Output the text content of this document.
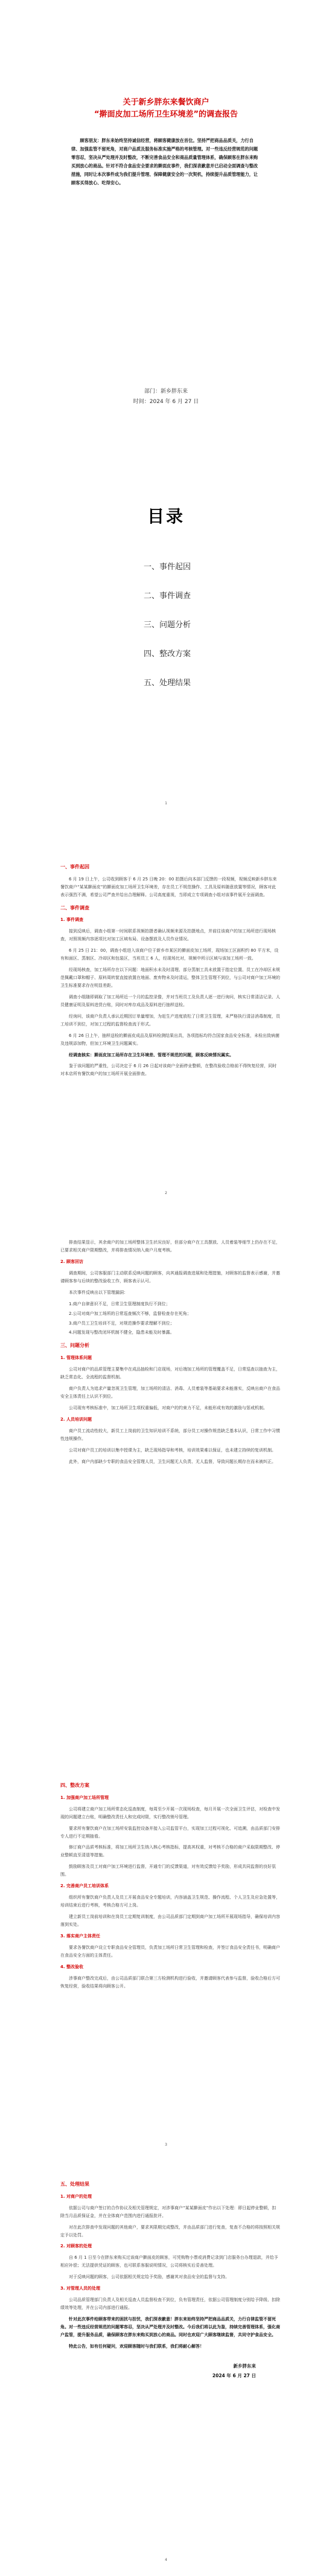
关于新乡胖东来餐饮商户
“擀面皮加工场所卫生环境差”的调查报告

顾客朋友：胖东来始终坚持诚信经营，将顾客健康放在首位。坚持严把商品品质关，力行自律、加强监管不留死角，对商户品质及服务标准实施严格的考核管理。对一些违反经营规范的问题零容忍，坚决从严处理并及时整改，不断完善食品安全和商品质量管理体系，确保顾客在胖东来购买到放心的商品。针对不符合食品安全要求的擀面皮事件，我们深表歉意并已启动全面调查与整改措施，同时让本次事件成为我们提升管理、保障健康安全的一次契机，持续提升品质管理能力，让顾客买得放心、吃得安心。

部门：新乡胖东来
时间：2024 年 6 月 27 日
目录
一、事件起因
二、事件调查
三、问题分析
四、整改方案
五、处理结果
1

一、事件起因

6 月 19 日上午，公司收到顾客于 6 月 25 日晚 20：00 拍摄后向本部门反馈的一段视频，视频反映新乡胖东来餐饮商户“某某擀面皮”的擀面皮加工场所卫生环境差，存在员工不规范操作、工具及原料随意放置等情况，顾客对此表示强烈不满，希望公司严查并给出合理解释。公司高度重视，当即成立专项调查小组对该事件展开全面调查。

二、事件调查

1. 事件调查

接到反映后，调查小组第一时间联系视频拍摄者确认视频来源及拍摄地点，并前往该商户的加工场所进行现场核查，对照视频内容逐项比对加工区域布局、设备摆放及人员作业情况。

6 月 25 日 21：00，调查小组进入该商户位于新乡市某区的擀面皮加工场所，现场加工区面积约 80 平方米，设有和面区、蒸制区、冷却区和包装区，当班员工 6 人，经现场比对，视频中所示区域与该加工场所一致。

经现场核查，加工场所存在以下问题：地面积水未及时清理、部分蒸制工具未放置于指定位置、员工在冷却区未规范佩戴口罩和帽子、原料周转筐直接放置在地面、废弃物未及时清运，整体卫生管理不到位，与公司对商户加工环境的卫生标准要求存在明显差距。

调查小组随即调取了加工场所近一个月的监控录像，并对当班员工及负责人逐一进行询问，核实日常清洁记录、人员健康证明及原料进货台账，同时对库存成品及原料进行抽样送检。

经询问，该商户负责人承认近期因订单量增加，为赶生产进度放松了日常卫生管理，未严格执行清洁消毒制度，员工培训不到位，对加工过程的监督检查流于形式。

6 月 26 日上午，抽样送检的擀面皮成品及原料检测结果出具，各项指标均符合国家食品安全标准，未检出致病菌及违规添加物，但加工环境卫生问题属实。

经调查核实：擀面皮加工场所存在卫生环境差、管理不规范的问题，顾客反映情况属实。

鉴于该问题的严重性，公司决定于 6 月 26 日起对该商户全面停业整顿，在整改验收合格前不得恢复经营，同时对本店所有餐饮商户的加工场所开展全面排查。

2

排查结果显示，其余商户的加工场所整体卫生状况良好，但部分商户在工具摆放、人员着装等细节上仍存在不足，已要求相关商户限期整改，并将排查情况纳入商户月度考核。

2. 顾客回访

调查期间，公司客服部门主动联系反映问题的顾客，向其通报调查进展和处理措施，对顾客的监督表示感谢，并邀请顾客参与后续的整改验收工作，顾客表示认可。

本次事件反映出以下管理漏洞：

1.商户自律意识不足，日常卫生管理制度执行不到位；
2.公司对商户加工场所的日常巡查频次不够，监督检查存在死角；
3.商户员工卫生培训不足，对规范操作要求理解不到位；
4.问题发现与整改闭环机制不健全，隐患未能及时暴露。

三、问题分析

1. 管理体系问题

公司对商户的品质管理主要集中在成品抽检和门店现场，对后端加工场所的管理覆盖不足，日常巡查以抽查为主，缺乏常态化、全流程的监督机制。

商户负责人为追求产量忽视卫生管理，加工场所的清洁、消毒、人员着装等基础要求未能落实，反映出商户在食品安全主体责任上认识不到位。

公司现有考核标准中，加工场所卫生项权重偏低，对商户的约束力不足，未能形成有效的激励与惩戒机制。

2. 人员培训问题

商户员工流动性较大，新员工上岗前的卫生知识培训不系统，部分员工对操作规范缺乏基本认识，日常工作中习惯性违规操作。

公司对商户员工的培训以集中授课为主，缺乏现场指导和考核，培训效果难以保证，也未建立持续的复训机制。

此外，商户内部缺少专职的食品安全管理人员，卫生问题无人负责、无人监督，导致问题长期存在而未被纠正。

四、整改方案

1. 加强商户加工场所管理

公司将建立商户加工场所常态化巡查制度，每周至少开展一次现场检查，每月开展一次全面卫生评估，对检查中发现的问题建立台账，明确整改责任人和完成时限，实行整改销号管理。

要求所有餐饮商户在加工场所安装监控设备并接入公司监管平台，实现加工过程可视化、可追溯，由品质部门安排专人进行不定期抽看。

修订商户品质考核标准，将加工场所卫生纳入核心考核指标，提高其权重，对考核不合格的商户采取限期整改、停业整顿直至清退等措施。

鼓励顾客及员工对商户加工环境进行监督，开通专门的反馈渠道，对有效反馈给予奖励，形成共同监督的良好氛围。

2. 完善商户员工培训体系

组织所有餐饮商户负责人及员工开展食品安全专题培训，内容涵盖卫生规范、操作流程、个人卫生及应急处置等，培训结束后进行考核，考核合格方可上岗。

建立新员工岗前培训和在岗员工定期复训制度，由公司品质部门定期到商户加工场所开展现场指导，确保培训内容落到实处。

3. 落实商户主体责任

要求各餐饮商户设立专职食品安全管理员，负责加工场所日常卫生管理和检查，并签订食品安全责任书，明确商户在食品安全方面的主体责任。

4. 整改验收

涉事商户整改完成后，由公司品质部门联合第三方检测机构进行验收，并邀请顾客代表参与监督，验收合格后方可恢复经营，验收结果将向顾客公开。

3

五、处理结果

1. 对商户的处理

依据公司与商户签订的合作协议及相关管理规定，对涉事商户“某某擀面皮”作出以下处理：即日起停业整顿，扣除当月品质保证金，并在全体商户范围内进行通报批评。

对在此次排查中发现问题的其他商户，要求其限期完成整改，并由品质部门进行复查，复查不合格的将按照相关规定予以处罚。

2. 对顾客的处理

自 6 月 1 日至今在胖东来购买过该商户擀面皮的顾客，可凭购物小票或消费记录到门店服务台办理退款，并给予相应补偿；无法提供凭证的顾客，也可联系客服说明情况，公司将核实后妥善处理。

对于反映问题的顾客，公司依据相关规定给予奖励，感谢其对食品安全的监督与支持。

3. 对管理人员的处理

公司品质管理部门负责人及相关巡查人员监督检查不到位，负有管理责任，依据公司管理制度分别给予降级、扣除绩效等处理，并在公司内部进行通报。

针对此次事件给顾客带来的困扰与担忧，我们深表歉意！胖东来始终坚持严把商品品质关，力行自律监管不留死角。对一些违反经营规范的问题零容忍，坚决从严处理并及时整改。今后我们将以此为鉴，持续完善管理体系，强化商户监管，提升服务品质，确保顾客在胖东来购买到放心的商品。同时也欢迎广大顾客继续监督，共同守护食品安全。

特此公告，如有任何疑问，欢迎顾客随时与我们联系，我们将耐心解答！

新乡胖东来
2024 年 6 月 27 日
4
